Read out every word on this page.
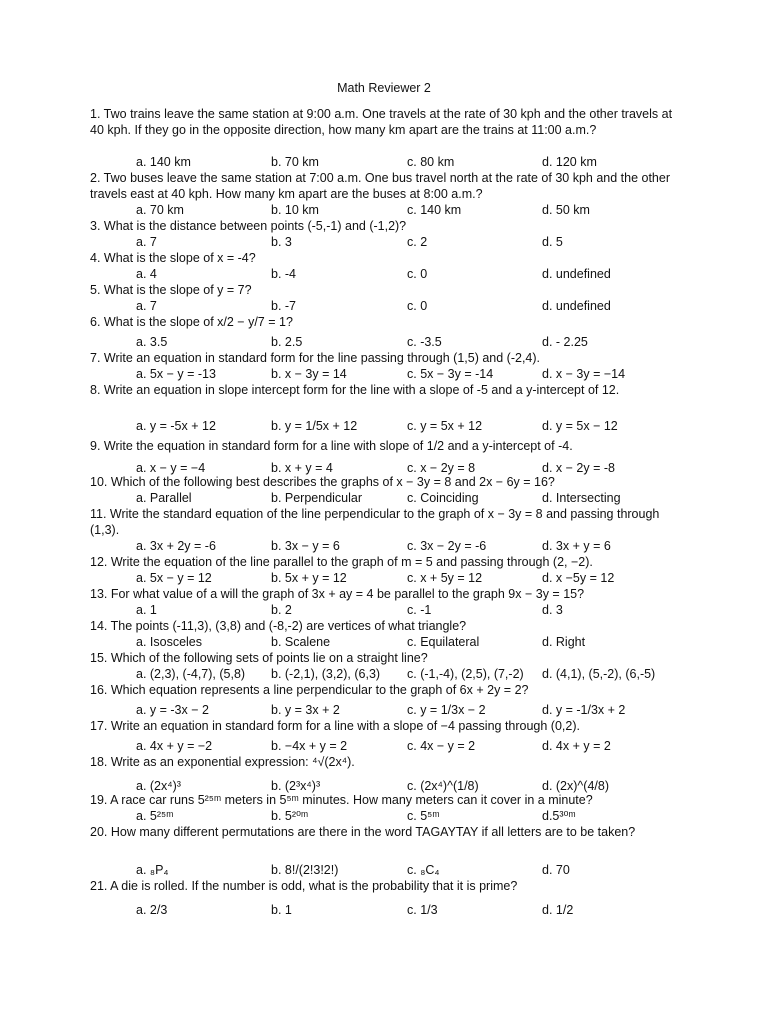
Math Reviewer 2
1. Two trains leave the same station at 9:00 a.m. One travels at the rate of 30 kph and the other travels at 40 kph. If they go in the opposite direction, how many km apart are the trains at 11:00 a.m.?
a. 140 km	b. 70 km	c. 80 km	d. 120 km
2. Two buses leave the same station at 7:00 a.m. One bus travel north at the rate of 30 kph and the other travels east at 40 kph. How many km apart are the buses at 8:00 a.m.?
a. 70 km	b. 10 km	c. 140 km	d. 50 km
3. What is the distance between points (-5,-1) and (-1,2)?
a. 7	b. 3	c. 2	d. 5
4. What is the slope of x = -4?
a. 4	b. -4	c. 0	d. undefined
5. What is the slope of y = 7?
a. 7	b. -7	c. 0	d. undefined
6. What is the slope of x/2 − y/7 = 1?
a. 3.5	b. 2.5	c. -3.5	d. - 2.25
7. Write an equation in standard form for the line passing through (1,5) and (-2,4).
a. 5x − y = -13	b. x − 3y = 14	c. 5x − 3y = -14	d. x − 3y = −14
8. Write an equation in slope intercept form for the line with a slope of -5 and a y-intercept of 12.
a. y = -5x + 12	b. y = 1/5x + 12	c. y = 5x + 12	d. y = 5x − 12
9. Write the equation in standard form for a line with slope of 1/2 and a y-intercept of -4.
a. x − y = −4	b. x + y = 4	c. x − 2y = 8	d. x − 2y = -8
10. Which of the following best describes the graphs of x − 3y = 8 and 2x − 6y = 16?
a. Parallel	b. Perpendicular	c. Coinciding	d. Intersecting
11. Write the standard equation of the line perpendicular to the graph of x − 3y = 8 and passing through (1,3).
a. 3x + 2y = -6	b. 3x − y = 6	c. 3x − 2y = -6	d. 3x + y = 6
12. Write the equation of the line parallel to the graph of m = 5 and passing through (2, −2).
a. 5x − y = 12	b. 5x + y = 12	c. x + 5y = 12	d. x −5y = 12
13. For what value of a will the graph of 3x + ay = 4 be parallel to the graph 9x − 3y = 15?
a. 1	b. 2	c. -1	d. 3
14. The points (-11,3), (3,8) and (-8,-2) are vertices of what triangle?
a. Isosceles	b. Scalene	c. Equilateral	d. Right
15. Which of the following sets of points lie on a straight line?
a. (2,3), (-4,7), (5,8) b. (-2,1), (3,2), (6,3) c. (-1,-4), (2,5), (7,-2) d. (4,1), (5,-2), (6,-5)
16. Which equation represents a line perpendicular to the graph of 6x + 2y = 2?
a. y = -3x − 2	b. y = 3x + 2	c. y = 1/3x − 2	d. y = -1/3x + 2
17. Write an equation in standard form for a line with a slope of −4 passing through (0,2).
a. 4x + y = −2	b. −4x + y = 2	c. 4x − y = 2	d. 4x + y = 2
18. Write as an exponential expression: ⁴√(2x⁴).
a. (2x⁴)³	b. (2³x⁴)³	c. (2x⁴)^(1/8)	d. (2x)^(4/8)
19. A race car runs 5²⁵ᵐ meters in 5⁵ᵐ minutes. How many meters can it cover in a minute?
a. 5²⁵ᵐ	b. 5²⁰ᵐ	c. 5⁵ᵐ	d.5³⁰ᵐ
20. How many different permutations are there in the word TAGAYTAY if all letters are to be taken?
a. ₈P₄	b. 8!/(2!3!2!)	c. ₈C₄	d. 70
21. A die is rolled. If the number is odd, what is the probability that it is prime?
a. 2/3	b. 1	c. 1/3	d. 1/2
